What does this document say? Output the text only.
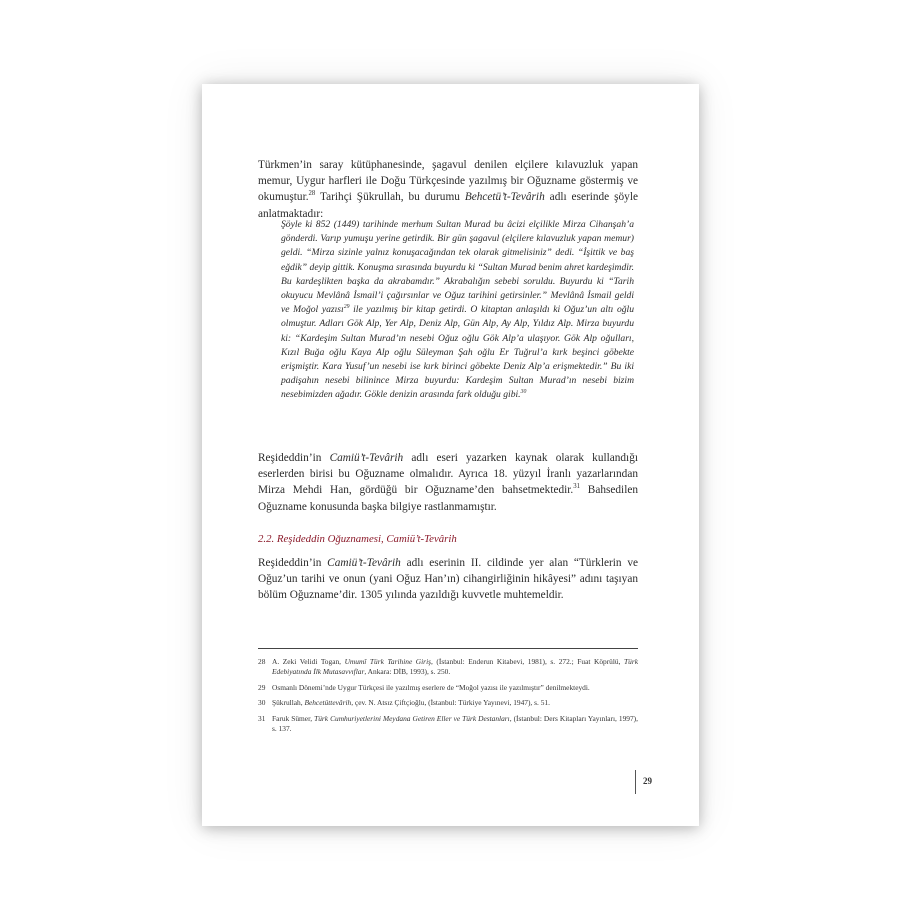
Türkmen’in saray kütüphanesinde, şagavul denilen elçilere kılavuzluk yapan memur, Uygur harfleri ile Doğu Türkçesinde yazılmış bir Oğuzname göstermiş ve okumuştur.$^{28}$ Tarihçi Şükrullah, bu durumu Behcetü’t-Tevârih adlı eserinde şöyle anlatmaktadır:

Şöyle ki 852 (1449) tarihinde merhum Sultan Murad bu âcizi elçilikle Mirza Cihanşah’a gönderdi. Varıp yumuşu yerine getirdik. Bir gün şagavul (elçilere kılavuzluk yapan memur) geldi. “Mirza sizinle yalnız konuşacağından tek olarak gitmelisiniz” dedi. “İşittik ve baş eğdik” deyip gittik. Konuşma sırasında buyurdu ki “Sultan Murad benim ahret kardeşimdir. Bu kardeşlikten başka da akrabamdır.” Akrabalığın sebebi soruldu. Buyurdu ki “Tarih okuyucu Mevlânâ İsmail’i çağırsınlar ve Oğuz tarihini getirsinler.” Mevlânâ İsmail geldi ve Moğol yazısı$^{29}$ ile yazılmış bir kitap getirdi. O kitaptan anlaşıldı ki Oğuz’un altı oğlu olmuştur. Adları Gök Alp, Yer Alp, Deniz Alp, Gün Alp, Ay Alp, Yıldız Alp. Mirza buyurdu ki: “Kardeşim Sultan Murad’ın nesebi Oğuz oğlu Gök Alp’a ulaşıyor. Gök Alp oğulları, Kızıl Buğa oğlu Kaya Alp oğlu Süleyman Şah oğlu Er Tuğrul’a kırk beşinci göbekte erişmiştir. Kara Yusuf’un nesebi ise kırk birinci göbekte Deniz Alp’a erişmektedir.” Bu iki padişahın nesebi bilinince Mirza buyurdu: Kardeşim Sultan Murad’ın nesebi bizim nesebimizden ağadır. Gökle denizin arasında fark olduğu gibi.$^{30}$

Reşideddin’in Camiü’t-Tevârih adlı eseri yazarken kaynak olarak kullandığı eserlerden birisi bu Oğuzname olmalıdır. Ayrıca 18. yüzyıl İranlı yazarlarından Mirza Mehdi Han, gördüğü bir Oğuzname’den bahsetmektedir.$^{31}$ Bahsedilen Oğuzname konusunda başka bilgiye rastlanmamıştır.

2.2. Reşideddin Oğuznamesi, Camiü’t-Tevârih

Reşideddin’in Camiü’t-Tevârih adlı eserinin II. cildinde yer alan “Türklerin ve Oğuz’un tarihi ve onun (yani Oğuz Han’ın) cihangirliğinin hikâyesi” adını taşıyan bölüm Oğuzname’dir. 1305 yılında yazıldığı kuvvetle muhtemeldir.

28 A. Zeki Velidi Togan, Umumî Türk Tarihine Giriş, (İstanbul: Enderun Kitabevi, 1981), s. 272.; Fuat Köprülü, Türk Edebiyatında İlk Mutasavvıflar, Ankara: DİB, 1993), s. 250.
29 Osmanlı Dönemi’nde Uygur Türkçesi ile yazılmış eserlere de “Moğol yazısı ile yazılmıştır” denilmekteydi.
30 Şükrullah, Behcetüttevârih, çev. N. Atsız Çiftçioğlu, (İstanbul: Türkiye Yayınevi, 1947), s. 51.
31 Faruk Sümer, Türk Cumhuriyetlerini Meydana Getiren Eller ve Türk Destanları, (İstanbul: Ders Kitapları Yayınları, 1997), s. 137.
29
